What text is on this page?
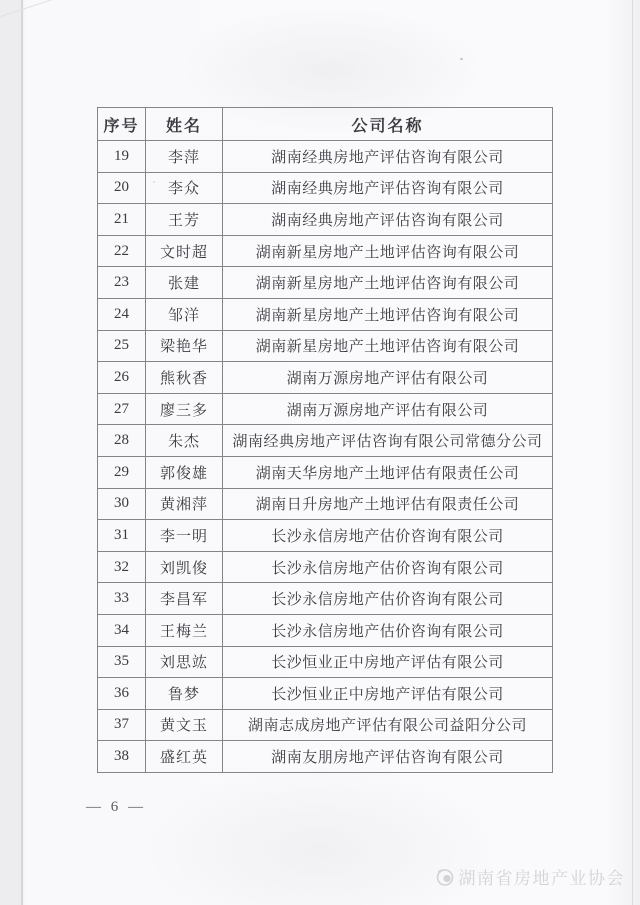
序号	姓名	公司名称
19	李萍	湖南经典房地产评估咨询有限公司
20	李众	湖南经典房地产评估咨询有限公司
21	王芳	湖南经典房地产评估咨询有限公司
22	文时超	湖南新星房地产土地评估咨询有限公司
23	张建	湖南新星房地产土地评估咨询有限公司
24	邹洋	湖南新星房地产土地评估咨询有限公司
25	梁艳华	湖南新星房地产土地评估咨询有限公司
26	熊秋香	湖南万源房地产评估有限公司
27	廖三多	湖南万源房地产评估有限公司
28	朱杰	湖南经典房地产评估咨询有限公司常德分公司
29	郭俊雄	湖南天华房地产土地评估有限责任公司
30	黄湘萍	湖南日升房地产土地评估有限责任公司
31	李一明	长沙永信房地产估价咨询有限公司
32	刘凯俊	长沙永信房地产估价咨询有限公司
33	李昌军	长沙永信房地产估价咨询有限公司
34	王梅兰	长沙永信房地产估价咨询有限公司
35	刘思竑	长沙恒业正中房地产评估有限公司
36	鲁梦	长沙恒业正中房地产评估有限公司
37	黄文玉	湖南志成房地产评估有限公司益阳分公司
38	盛红英	湖南友朋房地产评估咨询有限公司
— 6 —
湖南省房地产业协会
